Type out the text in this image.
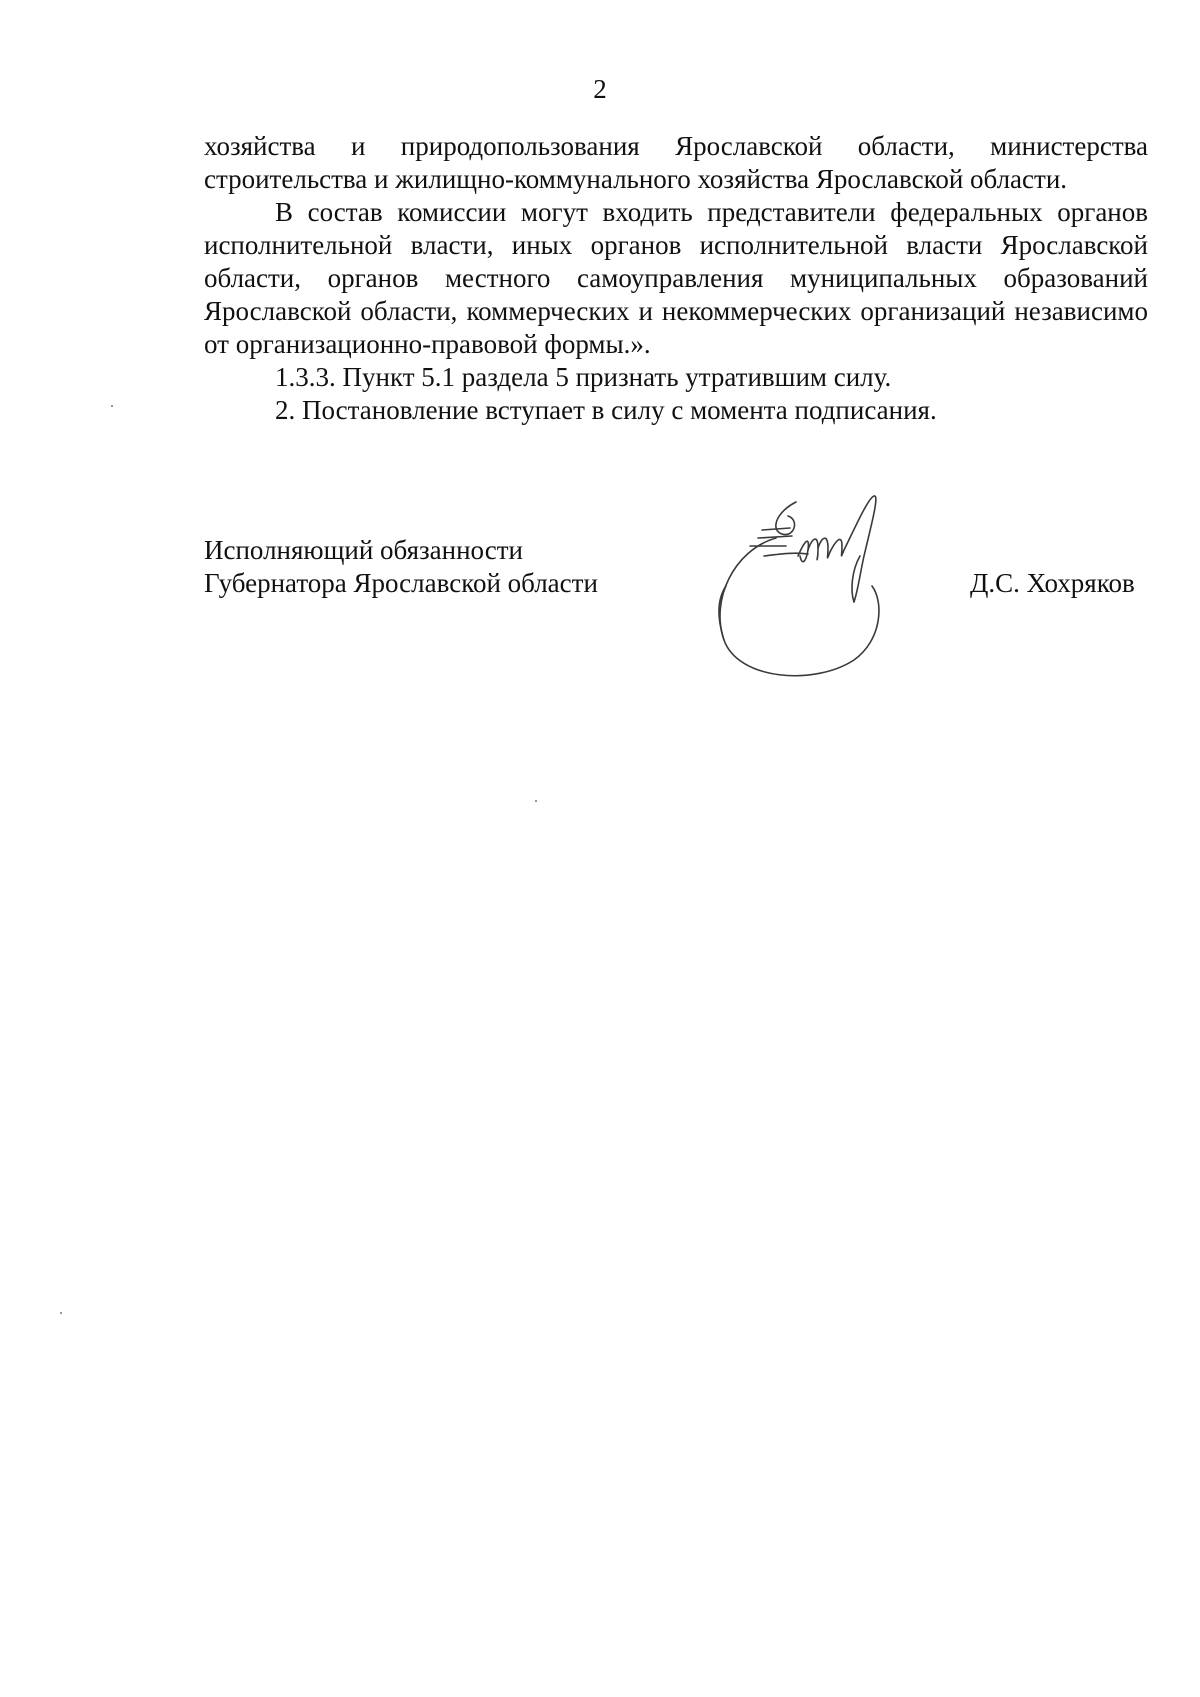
2

хозяйства и природопользования Ярославской области, министерства строительства и жилищно-коммунального хозяйства Ярославской области.

В состав комиссии могут входить представители федеральных органов исполнительной власти, иных органов исполнительной власти Ярославской области, органов местного самоуправления муниципальных образований Ярославской области, коммерческих и некоммерческих организаций независимо от организационно-правовой формы.».

1.3.3. Пункт 5.1 раздела 5 признать утратившим силу.

2. Постановление вступает в силу с момента подписания.

Исполняющий обязанности
Губернатора Ярославской области	Д.С. Хохряков
